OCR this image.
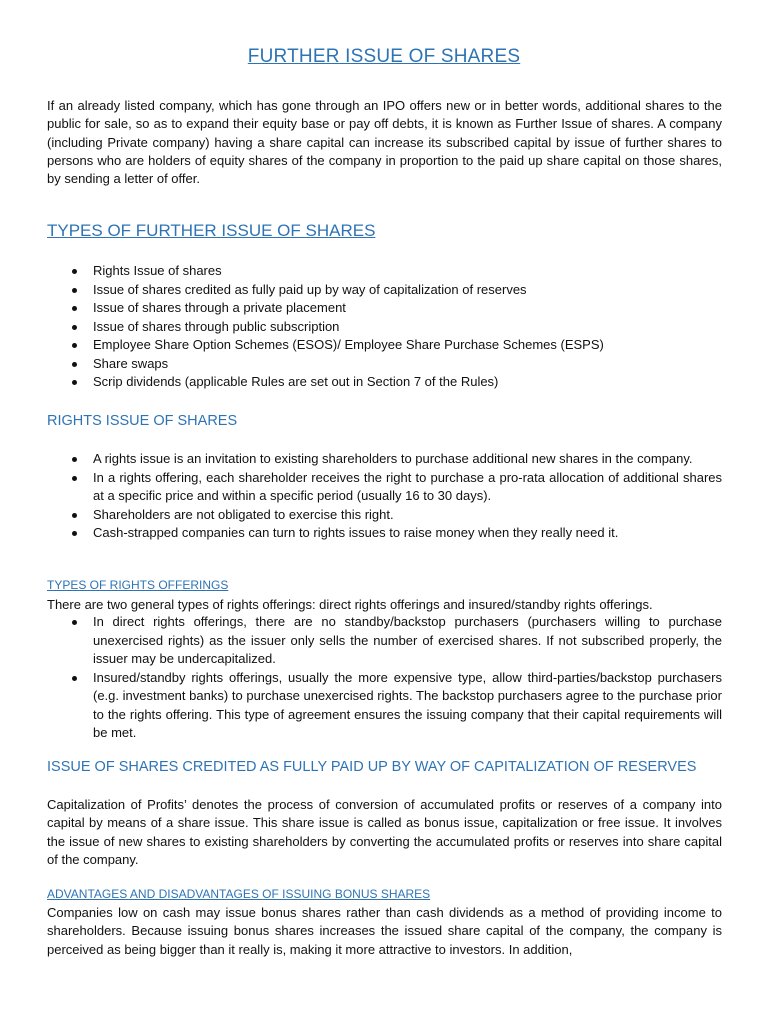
FURTHER ISSUE OF SHARES

If an already listed company, which has gone through an IPO offers new or in better words, additional shares to the public for sale, so as to expand their equity base or pay off debts, it is known as Further Issue of shares. A company (including Private company) having a share capital can increase its subscribed capital by issue of further shares to persons who are holders of equity shares of the company in proportion to the paid up share capital on those shares, by sending a letter of offer.

TYPES OF FURTHER ISSUE OF SHARES
Rights Issue of shares
Issue of shares credited as fully paid up by way of capitalization of reserves
Issue of shares through a private placement
Issue of shares through public subscription
Employee Share Option Schemes (ESOS)/ Employee Share Purchase Schemes (ESPS)
Share swaps
Scrip dividends (applicable Rules are set out in Section 7 of the Rules)
RIGHTS ISSUE OF SHARES
A rights issue is an invitation to existing shareholders to purchase additional new shares in the company.
In a rights offering, each shareholder receives the right to purchase a pro-rata allocation of additional shares at a specific price and within a specific period (usually 16 to 30 days).
Shareholders are not obligated to exercise this right.
Cash-strapped companies can turn to rights issues to raise money when they really need it.
TYPES OF RIGHTS OFFERINGS

There are two general types of rights offerings: direct rights offerings and insured/standby rights offerings.

In direct rights offerings, there are no standby/backstop purchasers (purchasers willing to purchase unexercised rights) as the issuer only sells the number of exercised shares. If not subscribed properly, the issuer may be undercapitalized.
Insured/standby rights offerings, usually the more expensive type, allow third-parties/backstop purchasers (e.g. investment banks) to purchase unexercised rights. The backstop purchasers agree to the purchase prior to the rights offering. This type of agreement ensures the issuing company that their capital requirements will be met.
ISSUE OF SHARES CREDITED AS FULLY PAID UP BY WAY OF CAPITALIZATION OF RESERVES

Capitalization of Profits’ denotes the process of conversion of accumulated profits or reserves of a company into capital by means of a share issue. This share issue is called as bonus issue, capitalization or free issue. It involves the issue of new shares to existing shareholders by converting the accumulated profits or reserves into share capital of the company.

ADVANTAGES AND DISADVANTAGES OF ISSUING BONUS SHARES

Companies low on cash may issue bonus shares rather than cash dividends as a method of providing income to shareholders. Because issuing bonus shares increases the issued share capital of the company, the company is perceived as being bigger than it really is, making it more attractive to investors. In addition,
